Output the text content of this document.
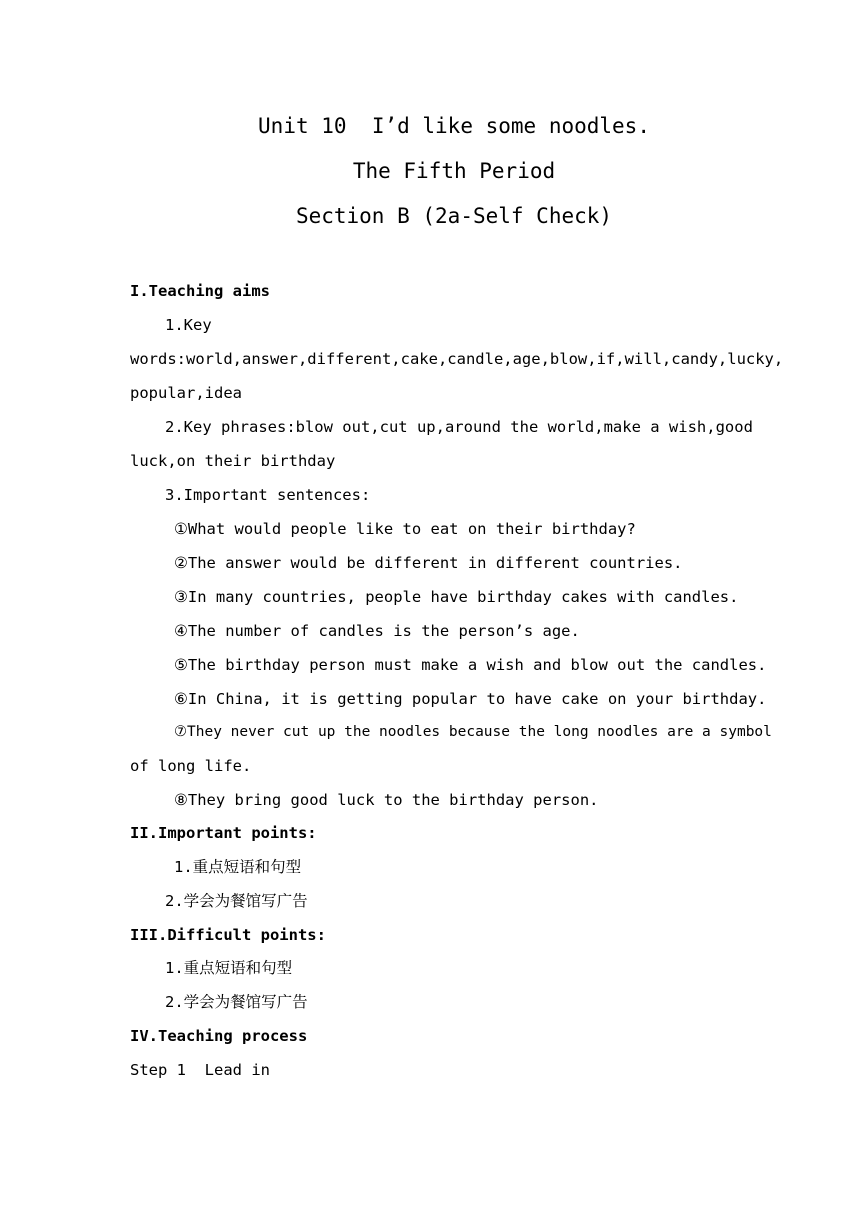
Unit 10  I’d like some noodles.
The Fifth Period
Section B (2a-Self Check)
I.Teaching aims
1.Key
words:world,answer,different,cake,candle,age,blow,if,will,candy,lucky,
popular,idea
2.Key phrases:blow out,cut up,around the world,make a wish,good
luck,on their birthday
3.Important sentences:
①What would people like to eat on their birthday?
②The answer would be different in different countries.
③In many countries, people have birthday cakes with candles.
④The number of candles is the person’s age.
⑤The birthday person must make a wish and blow out the candles.
⑥In China, it is getting popular to have cake on your birthday.
⑦They never cut up the noodles because the long noodles are a symbol
of long life.
⑧They bring good luck to the birthday person.
II.Important points:
1.重点短语和句型
2.学会为餐馆写广告
III.Difficult points:
1.重点短语和句型
2.学会为餐馆写广告
IV.Teaching process
Step 1  Lead in
